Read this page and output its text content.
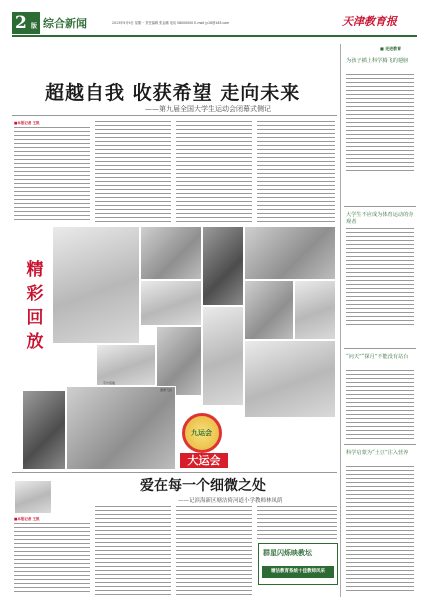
2 版 综合新闻	2013年9月9日 星期一 责任编辑 张金鹏 电话 58000000 E-mail jy16@163.com	天津教育报
超越自我 收获希望 走向未来
——第九届全国大学生运动会闭幕式侧记
■本报记者 王凯
精
彩
回
放
平沙落雁
激情飞扬
九运会
大运会
爱在每一个细微之处
——记滨海新区塘沽倚河道小学教师林凤荫
■本报记者 王凯
群星闪烁映教坛
塘沽教育系统十佳教师风采
■ 走进教育
为孩子插上科学腾飞的翅膀
大学生不应成为体育运动的旁观者
“问天”“探月”不能没有站台
科学启蒙为“土豆”注入营养
